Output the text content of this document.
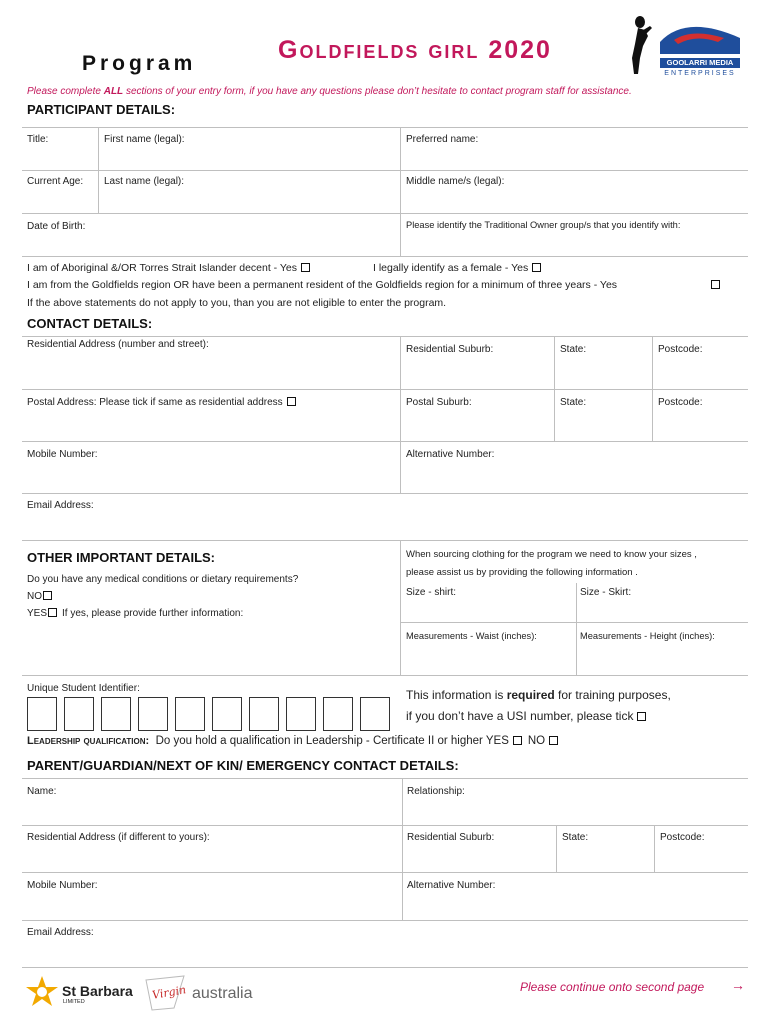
Program	Goldfields girl 2020	GOOLARRI MEDIA
ENTERPRISES
Please complete ALL sections of your entry form, if you have any questions please don’t hesitate to contact program staff for assistance.
PARTICIPANT DETAILS:
Title:	First name (legal):	Preferred name:
Current Age: Last name (legal):	Middle name/s (legal):
Date of Birth:	Please identify the Traditional Owner group/s that you identify with:
I am of Aboriginal &/OR Torres Strait Islander decent - Yes	I legally identify as a female - Yes
I am from the Goldfields region OR have been a permanent resident of the Goldfields region for a minimum of three years - Yes
If the above statements do not apply to you, than you are not eligible to enter the program.
CONTACT DETAILS:
Residential Address (number and street):	Residential Suburb:	State:	Postcode:
Postal Address: Please tick if same as residential address	Postal Suburb:	State:	Postcode:
Mobile Number:	Alternative Number:
Email Address:
OTHER IMPORTANT DETAILS:
Do you have any medical conditions or dietary requirements?
NO
YES If yes, please provide further information:
When sourcing clothing for the program we need to know your sizes ,
please assist us by providing the following information .
Size - shirt:	Size - Skirt:
Measurements - Waist (inches):	Measurements - Height (inches):
Unique Student Identifier:	This information is required for training purposes,
if you don’t have a USI number, please tick
Leadership qualification: Do you hold a qualification in Leadership - Certificate II or higher YES NO
PARENT/GUARDIAN/NEXT OF KIN/ EMERGENCY CONTACT DETAILS:
Name:	Relationship:
Residential Address (if different to yours):	Residential Suburb:	State:	Postcode:
Mobile Number:	Alternative Number:
Email Address:
St Barbara
LIMITED
Virgin australia	Please continue onto second page →
